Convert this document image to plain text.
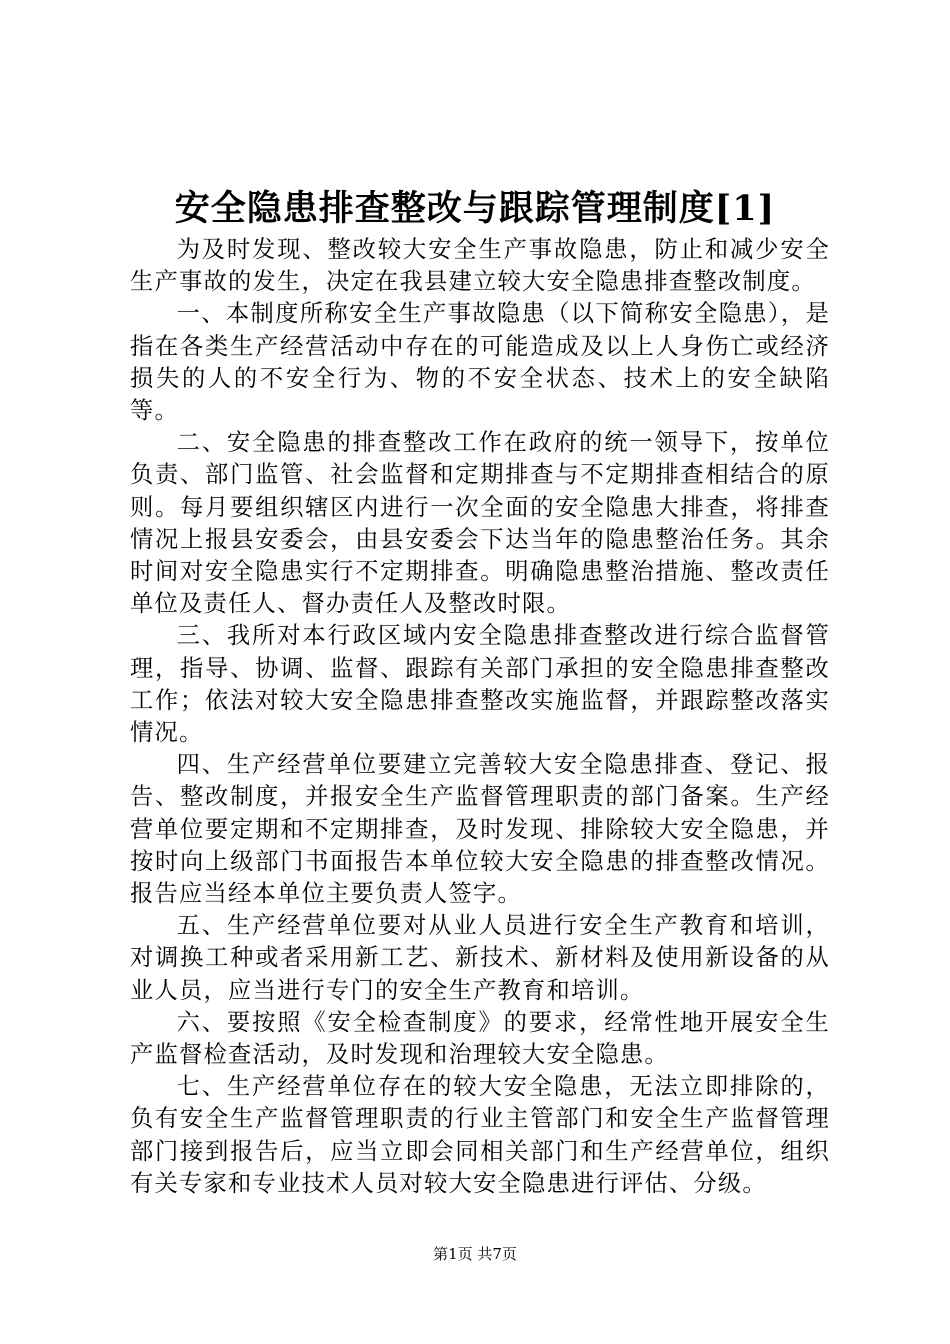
安全隐患排查整改与跟踪管理制度[1]

为及时发现、整改较大安全生产事故隐患，防止和减少安全生产事故的发生，决定在我县建立较大安全隐患排查整改制度。

一、本制度所称安全生产事故隐患（以下简称安全隐患），是指在各类生产经营活动中存在的可能造成及以上人身伤亡或经济损失的人的不安全行为、物的不安全状态、技术上的安全缺陷等。

二、安全隐患的排查整改工作在政府的统一领导下，按单位负责、部门监管、社会监督和定期排查与不定期排查相结合的原则。每月要组织辖区内进行一次全面的安全隐患大排查，将排查情况上报县安委会，由县安委会下达当年的隐患整治任务。其余时间对安全隐患实行不定期排查。明确隐患整治措施、整改责任单位及责任人、督办责任人及整改时限。

三、我所对本行政区域内安全隐患排查整改进行综合监督管理，指导、协调、监督、跟踪有关部门承担的安全隐患排查整改工作；依法对较大安全隐患排查整改实施监督，并跟踪整改落实情况。

四、生产经营单位要建立完善较大安全隐患排查、登记、报告、整改制度，并报安全生产监督管理职责的部门备案。生产经营单位要定期和不定期排查，及时发现、排除较大安全隐患，并按时向上级部门书面报告本单位较大安全隐患的排查整改情况。报告应当经本单位主要负责人签字。

五、生产经营单位要对从业人员进行安全生产教育和培训，对调换工种或者采用新工艺、新技术、新材料及使用新设备的从业人员，应当进行专门的安全生产教育和培训。

六、要按照《安全检查制度》的要求，经常性地开展安全生产监督检查活动，及时发现和治理较大安全隐患。

七、生产经营单位存在的较大安全隐患，无法立即排除的，负有安全生产监督管理职责的行业主管部门和安全生产监督管理部门接到报告后，应当立即会同相关部门和生产经营单位，组织有关专家和专业技术人员对较大安全隐患进行评估、分级。

第1页 共7页
